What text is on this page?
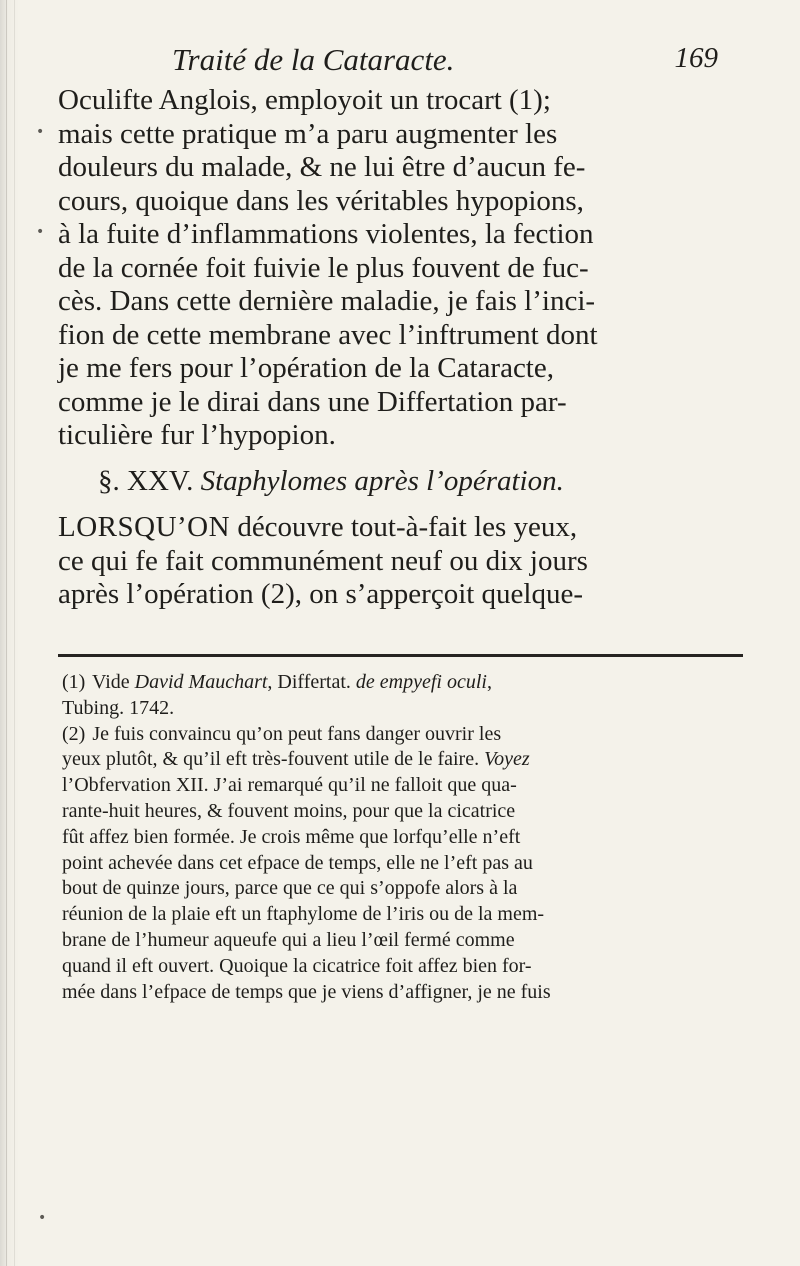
Traité de la Cataracte.	169
Oculifte Anglois, employoit un trocart (1);
mais cette pratique m’a paru augmenter les
douleurs du malade, & ne lui être d’aucun fe-
cours, quoique dans les véritables hypopions,
à la fuite d’inflammations violentes, la fection
de la cornée foit fuivie le plus fouvent de fuc-
cès. Dans cette dernière maladie, je fais l’inci-
fion de cette membrane avec l’inftrument dont
je me fers pour l’opération de la Cataracte,
comme je le dirai dans une Differtation par-
ticulière fur l’hypopion.
§. XXV. Staphylomes après l’opération.
LORSQU’ON découvre tout-à-fait les yeux,
ce qui fe fait communément neuf ou dix jours
après l’opération (2), on s’apperçoit quelque-
(1) Vide David Mauchart, Differtat. de empyefi oculi,
Tubing. 1742.
(2) Je fuis convaincu qu’on peut fans danger ouvrir les
yeux plutôt, & qu’il eft très-fouvent utile de le faire. Voyez
l’Obfervation XII. J’ai remarqué qu’il ne falloit que qua-
rante-huit heures, & fouvent moins, pour que la cicatrice
fût affez bien formée. Je crois même que lorfqu’elle n’eft
point achevée dans cet efpace de temps, elle ne l’eft pas au
bout de quinze jours, parce que ce qui s’oppofe alors à la
réunion de la plaie eft un ftaphylome de l’iris ou de la mem-
brane de l’humeur aqueufe qui a lieu l’œil fermé comme
quand il eft ouvert. Quoique la cicatrice foit affez bien for-
mée dans l’efpace de temps que je viens d’affigner, je ne fuis
•
•
•
